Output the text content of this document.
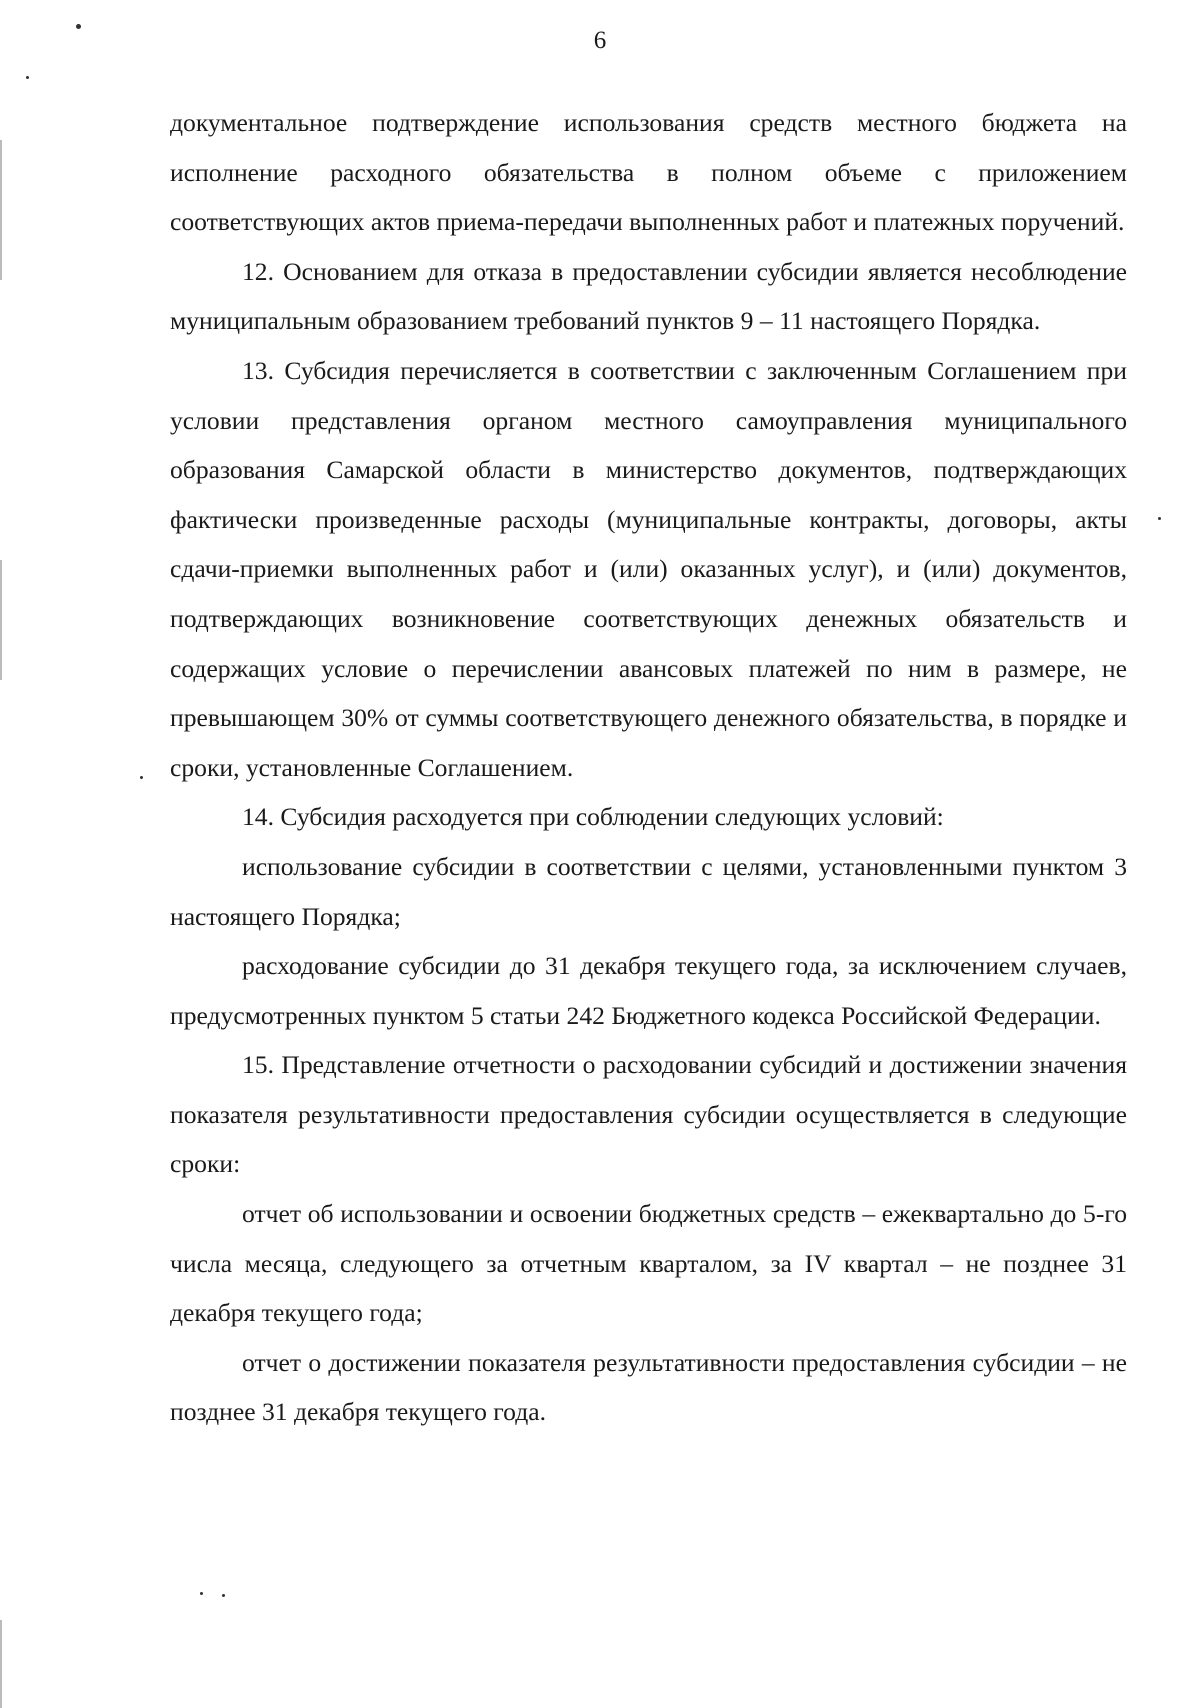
6

документальное подтверждение использования средств местного бюджета на исполнение расходного обязательства в полном объеме с приложением соответствующих актов приема-передачи выполненных работ и платежных поручений.

12. Основанием для отказа в предоставлении субсидии является несоблюдение муниципальным образованием требований пунктов 9 – 11 настоящего Порядка.

13. Субсидия перечисляется в соответствии с заключенным Соглашением при условии представления органом местного самоуправления муниципального образования Самарской области в министерство документов, подтверждающих фактически произведенные расходы (муниципальные контракты, договоры, акты сдачи-приемки выполненных работ и (или) оказанных услуг), и (или) документов, подтверждающих возникновение соответствующих денежных обязательств и содержащих условие о перечислении авансовых платежей по ним в размере, не превышающем 30% от суммы соответствующего денежного обязательства, в порядке и сроки, установленные Соглашением.

14. Субсидия расходуется при соблюдении следующих условий:

использование субсидии в соответствии с целями, установленными пунктом 3 настоящего Порядка;

расходование субсидии до 31 декабря текущего года, за исключением случаев, предусмотренных пунктом 5 статьи 242 Бюджетного кодекса Российской Федерации.

15. Представление отчетности о расходовании субсидий и достижении значения показателя результативности предоставления субсидии осуществляется в следующие сроки:

отчет об использовании и освоении бюджетных средств – ежеквартально до 5-го числа месяца, следующего за отчетным кварталом, за IV квартал – не позднее 31 декабря текущего года;

отчет о достижении показателя результативности предоставления субсидии – не позднее 31 декабря текущего года.
